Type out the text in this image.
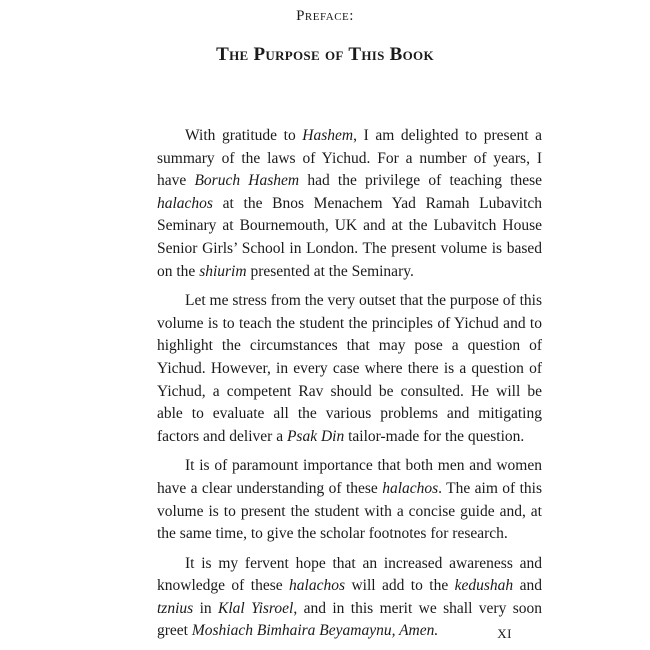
Preface:
The Purpose of This Book

With gratitude to Hashem, I am delighted to present a summary of the laws of Yichud. For a number of years, I have Boruch Hashem had the privilege of teaching these halachos at the Bnos Menachem Yad Ramah Lubavitch Seminary at Bournemouth, UK and at the Lubavitch House Senior Girls’ School in London. The present volume is based on the shiurim presented at the Seminary.

Let me stress from the very outset that the purpose of this volume is to teach the student the principles of Yichud and to highlight the circumstances that may pose a question of Yichud. However, in every case where there is a question of Yichud, a competent Rav should be consulted. He will be able to evaluate all the various problems and mitigating factors and deliver a Psak Din tailor-made for the question.

It is of paramount importance that both men and women have a clear understanding of these halachos. The aim of this volume is to present the student with a concise guide and, at the same time, to give the scholar footnotes for research.

It is my fervent hope that an increased awareness and knowledge of these halachos will add to the kedushah and tznius in Klal Yisroel, and in this merit we shall very soon greet Moshiach Bimhaira Beyamaynu, Amen.	XI
